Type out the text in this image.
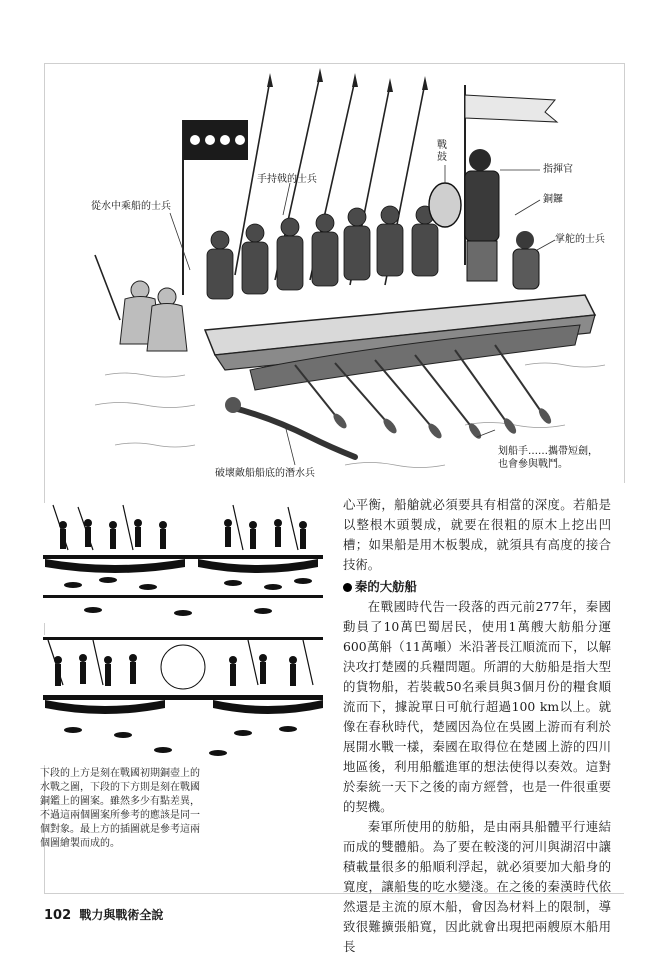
從水中乘船的士兵
手持戟的士兵
戰鼓
指揮官
銅鑼
掌舵的士兵
划船手……攜帶短劍，
也會參與戰鬥。
破壞敵船船底的潛水兵

下段的上方是刻在戰國初期銅壺上的

水戰之圖，下段的下方則是刻在戰國

銅鑑上的圖案。雖然多少有點差異，

不過這兩個圖案所參考的應該是同一

個對象。最上方的插圖就是參考這兩

個圖繪製而成的。

心平衡，船艙就必須要具有相當的深度。若船是以整根木頭製成，就要在很粗的原木上挖出凹槽；如果船是用木板製成，就須具有高度的接合技術。

秦的大舫船

在戰國時代告一段落的西元前277年，秦國動員了10萬巴蜀居民，使用1萬艘大舫船分運600萬斛（11萬噸）米沿著長江順流而下，以解決攻打楚國的兵糧問題。所謂的大舫船是指大型的貨物船，若裝載50名乘員與3個月份的糧食順流而下，據說單日可航行超過100 km以上。就像在春秋時代，楚國因為位在吳國上游而有利於展開水戰一樣，秦國在取得位在楚國上游的四川地區後，利用船艦進軍的想法使得以奏效。這對於秦統一天下之後的南方經營，也是一件很重要的契機。

秦軍所使用的舫船，是由兩具船體平行連結而成的雙體船。為了要在較淺的河川與湖沼中讓積載量很多的船順利浮起，就必須要加大船身的寬度，讓船隻的吃水變淺。在之後的秦漢時代依然還是主流的原木船，會因為材料上的限制，導致很難擴張船寬，因此就會出現把兩艘原木船用長

102 戰力與戰術全說
